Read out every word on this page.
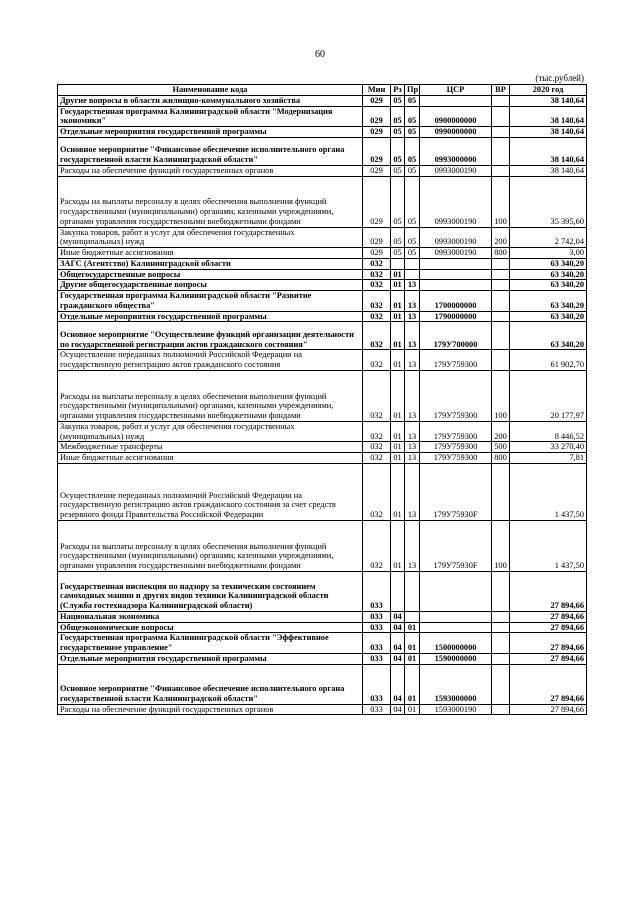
60
(тыс.рублей)
Наименование кода	Мин	Рз	Пр	ЦСР	ВР	2020 год
Другие вопросы в области жилищно-коммунального хозяйства	029	05	05			38 140,64
Государственная программа Калининградской области "Модернизация экономики"	029	05	05	0900000000		38 140,64
Отдельные мероприятия государственной программы	029	05	05	0990000000		38 140,64
Основное мероприятие "Финансовое обеспечение исполнительного органа государственной власти Калининградской области"	029	05	05	0993000000		38 140,64
Расходы на обеспечение функций государственных органов	029	05	05	0993000190		38 140,64
Расходы на выплаты персоналу в целях обеспечения выполнения функций государственными (муниципальными) органами, казенными учреждениями, органами управления государственными внебюджетными фондами	029	05	05	0993000190	100	35 395,60
Закупка товаров, работ и услуг для обеспечения государственных (муниципальных) нужд	029	05	05	0993000190	200	2 742,04
Иные бюджетные ассигнования	029	05	05	0993000190	800	3,00
ЗАГС (Агентство) Калининградской области	032					63 340,20
Общегосударственные вопросы	032	01				63 340,20
Другие общегосударственные вопросы	032	01	13			63 340,20
Государственная программа Калининградской области "Развитие гражданского общества"	032	01	13	1700000000		63 340,20
Отдельные мероприятия государственной программы	032	01	13	1790000000		63 340,20
Основное мероприятие "Осуществление функций организации деятельности по государственной регистрации актов гражданского состояния"	032	01	13	179У700000		63 340,20
Осуществление переданных полномочий Российской Федерации на государственную регистрацию актов гражданского состояния	032	01	13	179У759300		61 902,70
Расходы на выплаты персоналу в целях обеспечения выполнения функций государственными (муниципальными) органами, казенными учреждениями, органами управления государственными внебюджетными фондами	032	01	13	179У759300	100	20 177,97
Закупка товаров, работ и услуг для обеспечения государственных (муниципальных) нужд	032	01	13	179У759300	200	8 446,52
Межбюджетные трансферты	032	01	13	179У759300	500	33 270,40
Иные бюджетные ассигнования	032	01	13	179У759300	800	7,81
Осуществление переданных полномочий Российской Федерации на государственную регистрацию актов гражданского состояния за счет средств резервного фонда Правительства Российской Федерации	032	01	13	179У75930F		1 437,50
Расходы на выплаты персоналу в целях обеспечения выполнения функций государственными (муниципальными) органами, казенными учреждениями, органами управления государственными внебюджетными фондами	032	01	13	179У75930F	100	1 437,50
Государственная инспекция по надзору за техническим состоянием самоходных машин и других видов техники Калининградской области (Служба гостехнадзора Калининградской области)	033					27 894,66
Национальная экономика	033	04				27 894,66
Общеэкономические вопросы	033	04	01			27 894,66
Государственная программа Калининградской области "Эффективное государственное управление"	033	04	01	1500000000		27 894,66
Отдельные мероприятия государственной программы	033	04	01	1590000000		27 894,66
Основное мероприятие "Финансовое обеспечение исполнительного органа государственной власти Калининградской области"	033	04	01	1593000000		27 894,66
Расходы на обеспечение функций государственных органов	033	04	01	1593000190		27 894,66
